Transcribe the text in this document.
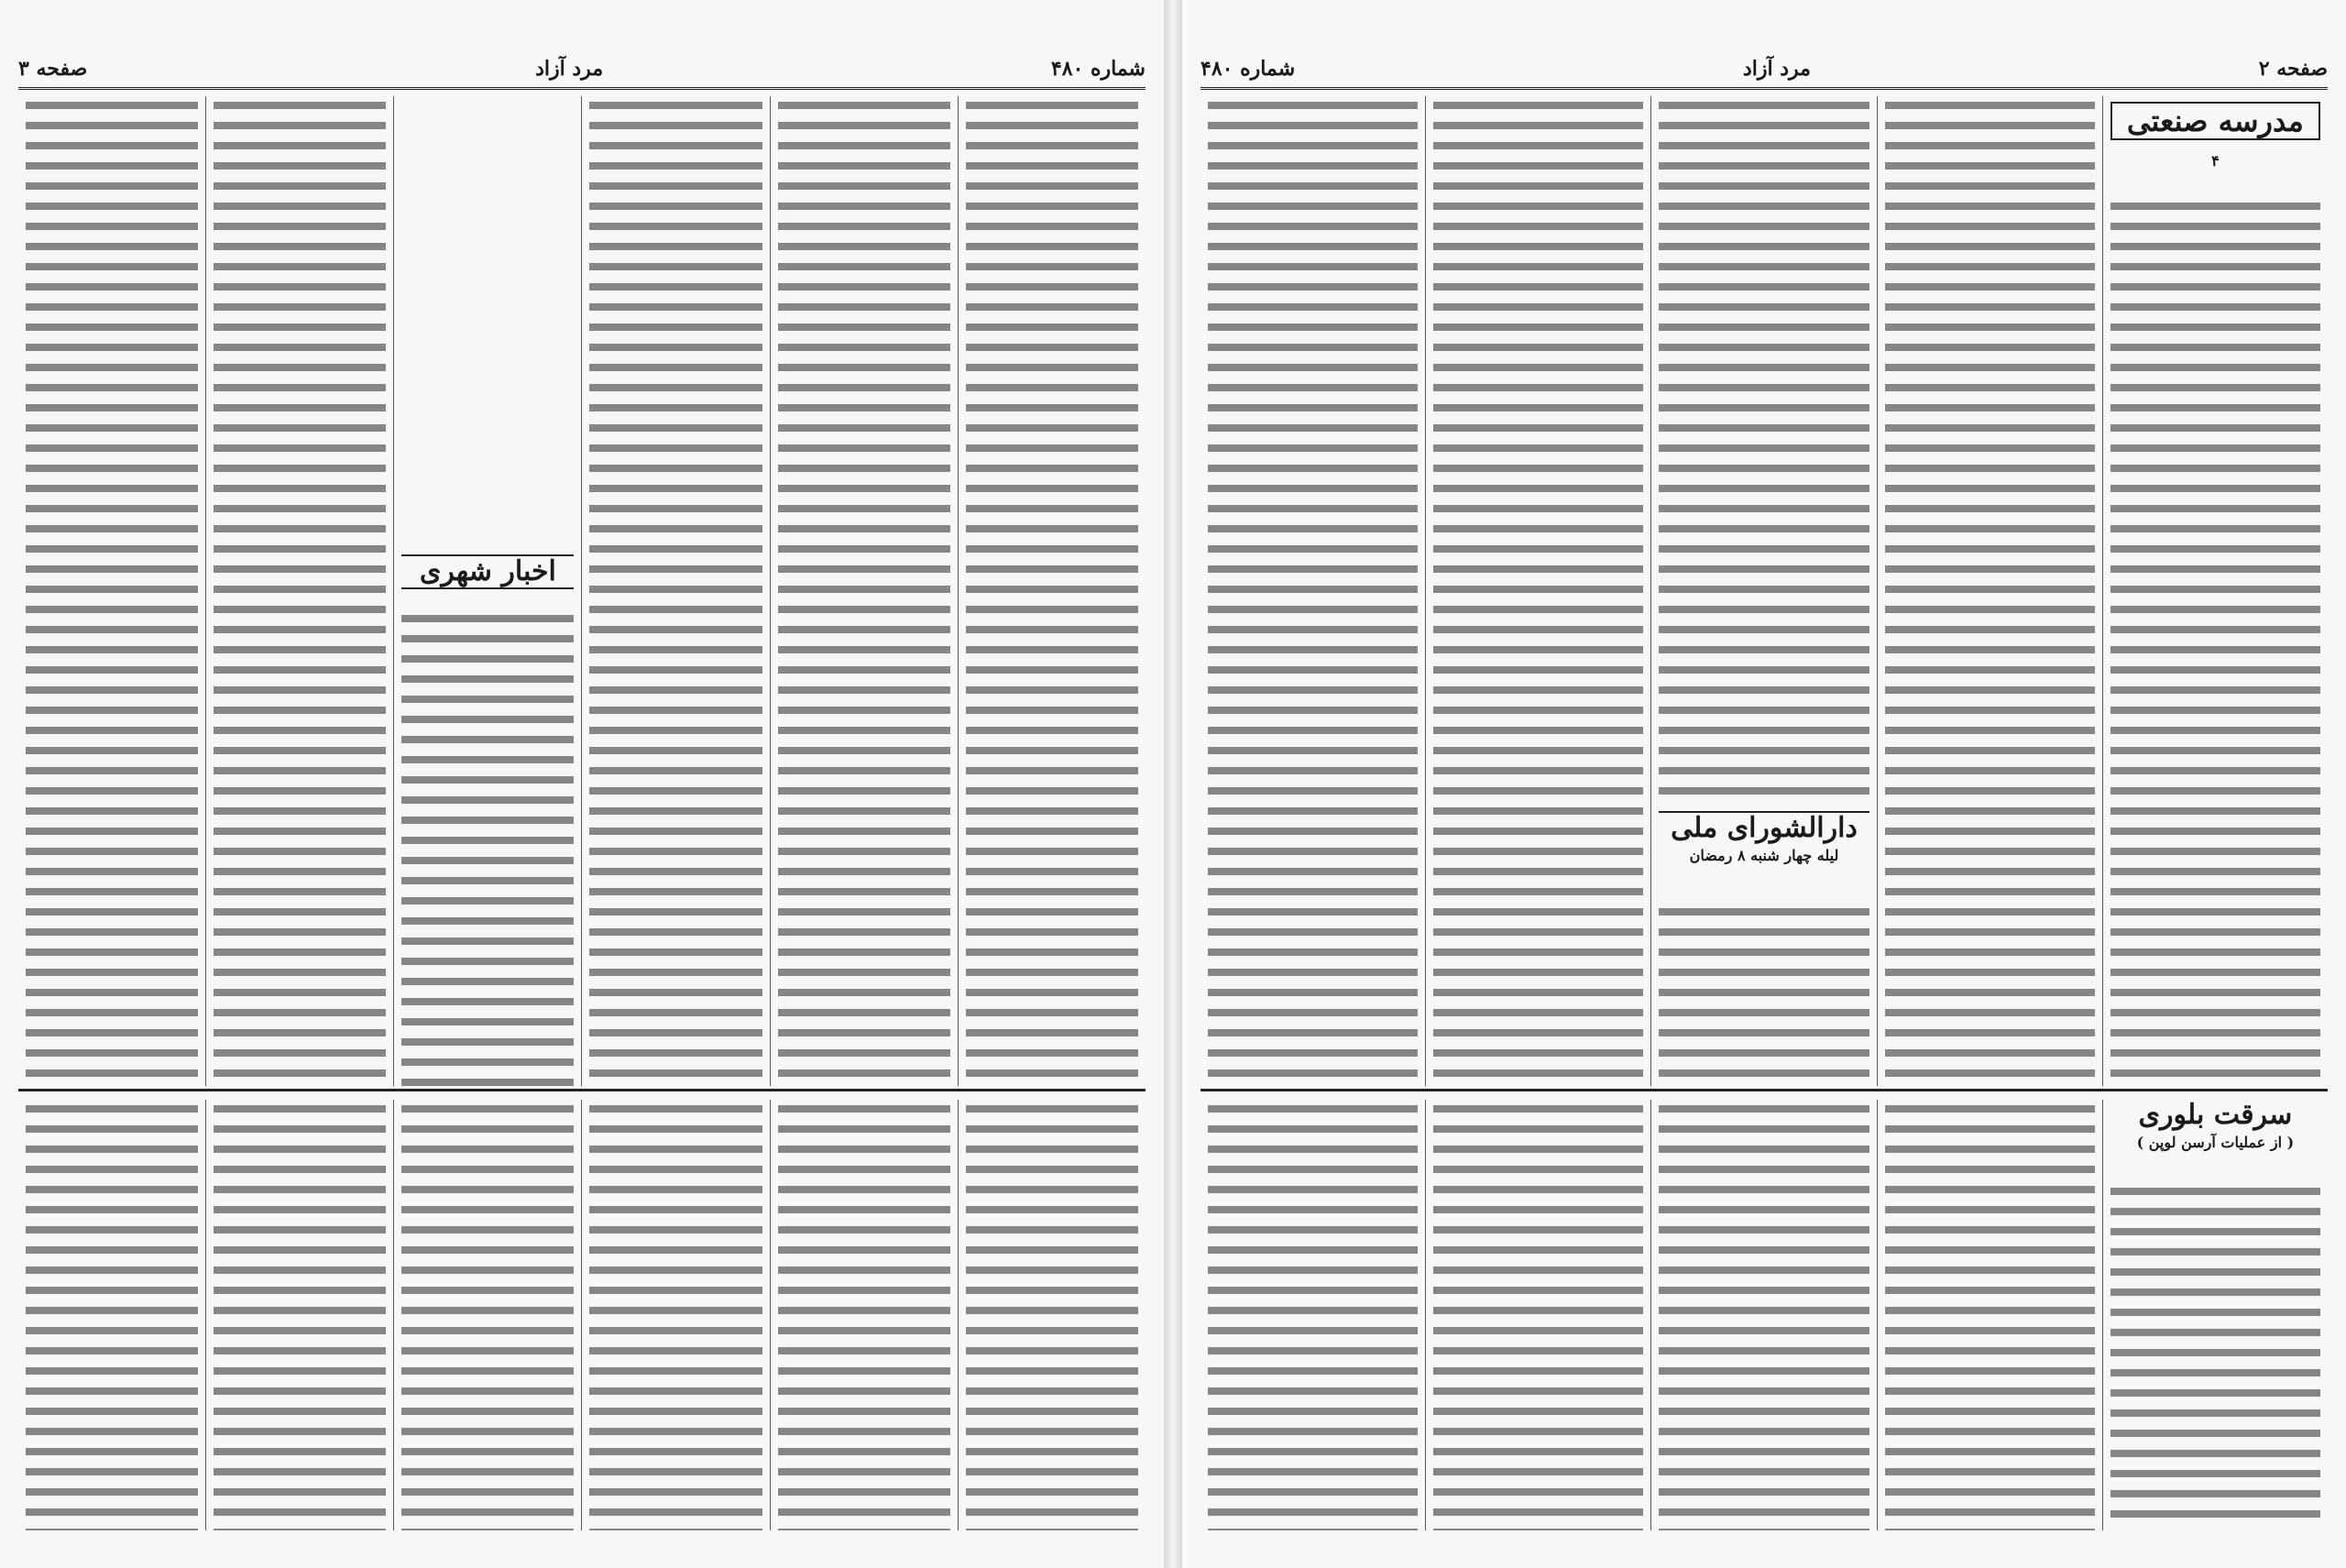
شماره ۴۸۰
مرد آزاد
صفحه ۳
اخبار شهری
صفحه ۲
مرد آزاد
شماره ۴۸۰
مدرسه صنعتی
۴
دارالشورای ملی
لیله چهار شنبه ۸ رمضان
سرقت بلوری
( از عملیات آرسن لوپن )
